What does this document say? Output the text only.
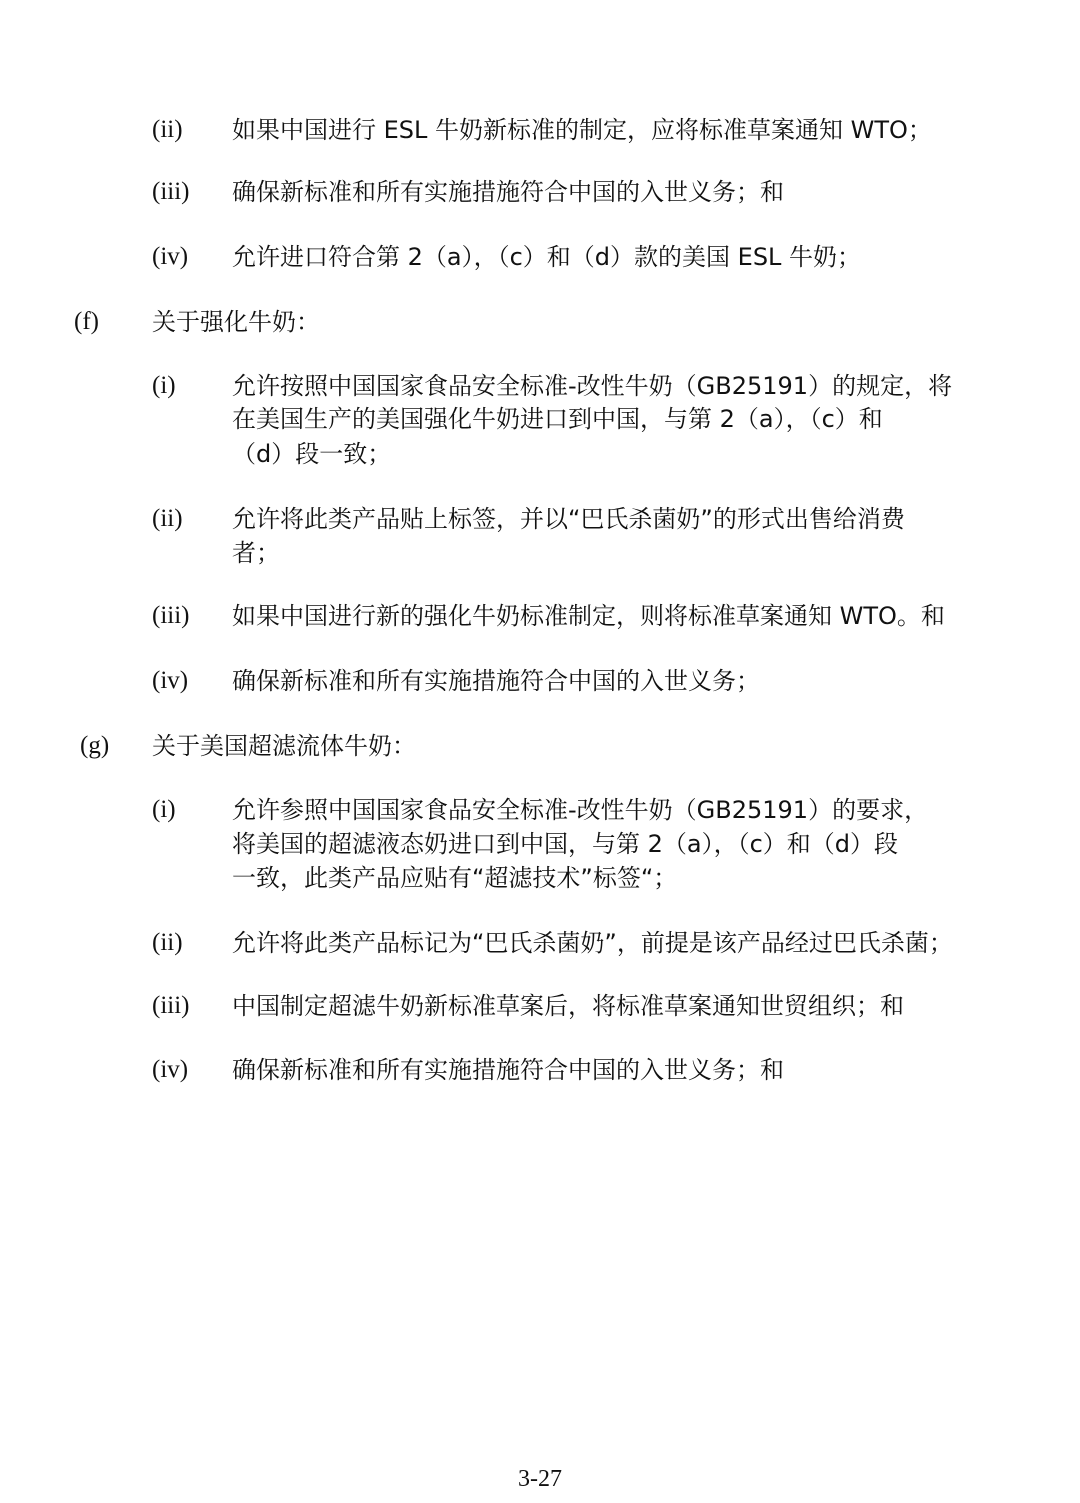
(ii) 如果中国进行 ESL 牛奶新标准的制定，应将标准草案通知 WTO；
(iii) 确保新标准和所有实施措施符合中国的入世义务；和
(iv) 允许进口符合第 2（a），（c）和（d）款的美国 ESL 牛奶；
(f) 关于强化牛奶：
(i) 允许按照中国国家食品安全标准-改性牛奶（GB25191）的规定，将
在美国生产的美国强化牛奶进口到中国，与第 2（a），（c）和
（d）段一致；
(ii) 允许将此类产品贴上标签，并以“巴氏杀菌奶”的形式出售给消费
者；
(iii) 如果中国进行新的强化牛奶标准制定，则将标准草案通知 WTO。和
(iv) 确保新标准和所有实施措施符合中国的入世义务；
(g) 关于美国超滤流体牛奶：
(i) 允许参照中国国家食品安全标准-改性牛奶（GB25191）的要求，
将美国的超滤液态奶进口到中国，与第 2（a），（c）和（d）段
一致，此类产品应贴有“超滤技术”标签“；
(ii) 允许将此类产品标记为“巴氏杀菌奶”，前提是该产品经过巴氏杀菌；
(iii) 中国制定超滤牛奶新标准草案后，将标准草案通知世贸组织；和
(iv) 确保新标准和所有实施措施符合中国的入世义务；和
3-27
